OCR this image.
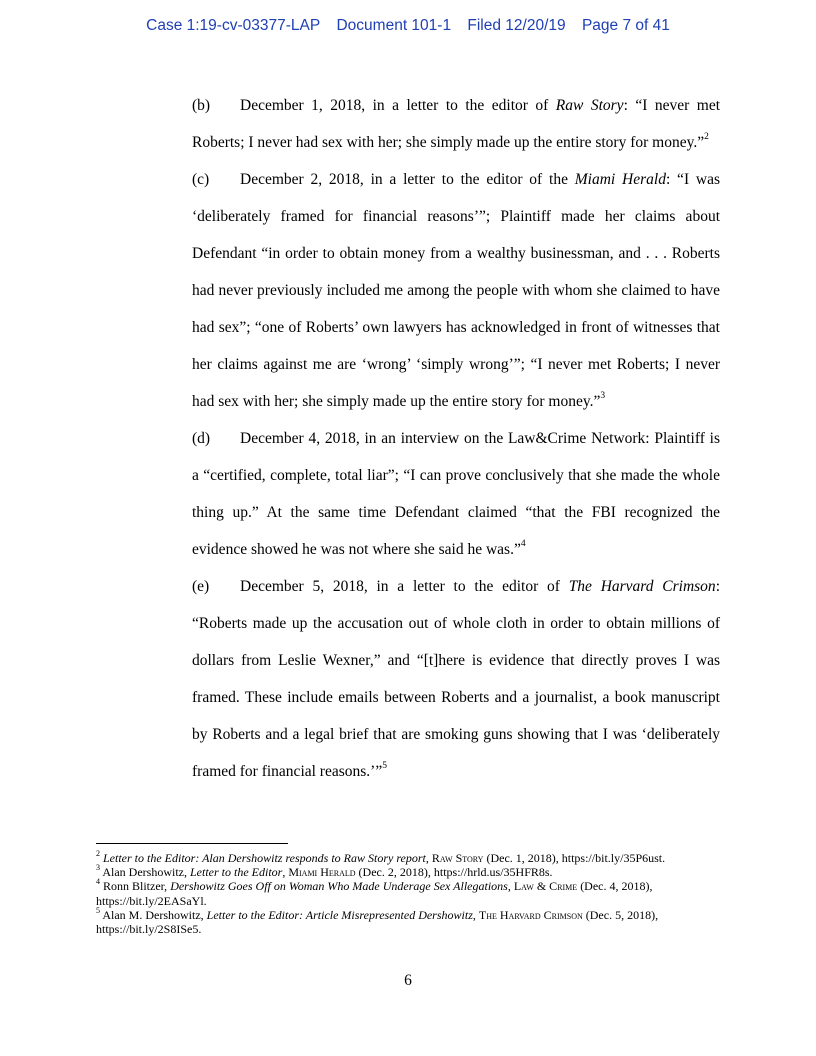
Case 1:19-cv-03377-LAP Document 101-1 Filed 12/20/19 Page 7 of 41

(b) December 1, 2018, in a letter to the editor of Raw Story: “I never met Roberts; I never had sex with her; she simply made up the entire story for money.”$^2$

(c) December 2, 2018, in a letter to the editor of the Miami Herald: “I was ‘deliberately framed for financial reasons’”; Plaintiff made her claims about Defendant “in order to obtain money from a wealthy businessman, and . . . Roberts had never previously included me among the people with whom she claimed to have had sex”; “one of Roberts’ own lawyers has acknowledged in front of witnesses that her claims against me are ‘wrong’ ‘simply wrong’”; “I never met Roberts; I never had sex with her; she simply made up the entire story for money.”$^3$

(d) December 4, 2018, in an interview on the Law&Crime Network: Plaintiff is a “certified, complete, total liar”; “I can prove conclusively that she made the whole thing up.” At the same time Defendant claimed “that the FBI recognized the evidence showed he was not where she said he was.”$^4$

(e) December 5, 2018, in a letter to the editor of The Harvard Crimson: “Roberts made up the accusation out of whole cloth in order to obtain millions of dollars from Leslie Wexner,” and “[t]here is evidence that directly proves I was framed. These include emails between Roberts and a journalist, a book manuscript by Roberts and a legal brief that are smoking guns showing that I was ‘deliberately framed for financial reasons.’”$^5$

$^2$ Letter to the Editor: Alan Dershowitz responds to Raw Story report, Raw Story (Dec. 1, 2018), https://bit.ly/35P6ust.

$^3$ Alan Dershowitz, Letter to the Editor, Miami Herald (Dec. 2, 2018), https://hrld.us/35HFR8s.

$^4$ Ronn Blitzer, Dershowitz Goes Off on Woman Who Made Underage Sex Allegations, Law & Crime (Dec. 4, 2018), https://bit.ly/2EASaYl.

$^5$ Alan M. Dershowitz, Letter to the Editor: Article Misrepresented Dershowitz, The Harvard Crimson (Dec. 5, 2018), https://bit.ly/2S8ISe5.

6
